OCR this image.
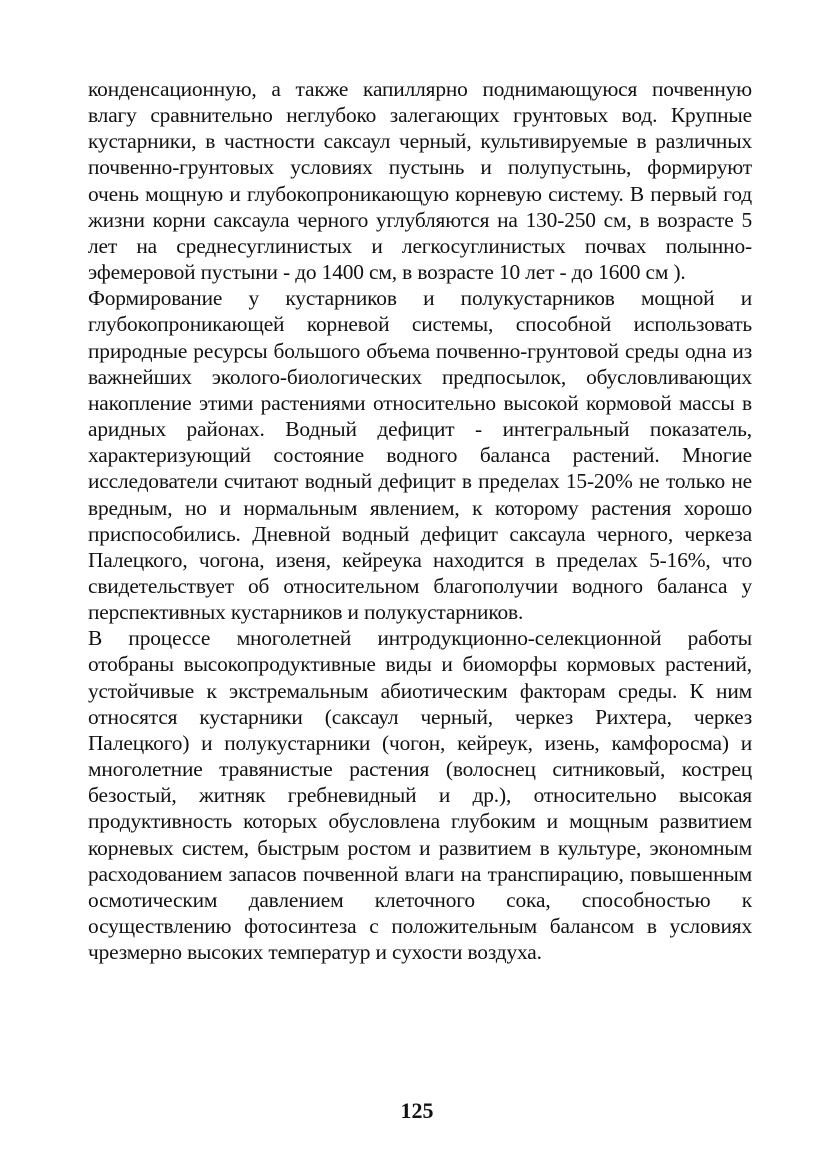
конденсационную, а также капиллярно поднимающуюся почвенную влагу сравнительно неглубоко залегающих грунтовых вод. Крупные кустарники, в частности саксаул черный, культивируемые в различных почвенно-грунтовых условиях пустынь и полупустынь, формируют очень мощную и глубокопроникающую корневую систему. В первый год жизни корни саксаула черного углубляются на 130-250 см, в возрасте 5 лет на среднесуглинистых и легкосуглинистых почвах полынно-эфемеровой пустыни - до 1400 см, в возрасте 10 лет - до 1600 см ).

Формирование у кустарников и полукустарников мощной и глубокопроникающей корневой системы, способной использовать природные ресурсы большого объема почвенно-грунтовой среды одна из важнейших эколого-биологических предпосылок, обусловливающих накопление этими растениями относительно высокой кормовой массы в аридных районах. Водный дефицит - интегральный показатель, характеризующий состояние водного баланса растений. Многие исследователи считают водный дефицит в пределах 15-20% не только не вредным, но и нормальным явлением, к которому растения хорошо приспособились. Дневной водный дефицит саксаула черного, черкеза Палецкого, чогона, изеня, кейреука находится в пределах 5-16%, что свидетельствует об относительном благополучии водного баланса у перспективных кустарников и полукустарников.

В процессе многолетней интродукционно-селекционной работы отобраны высокопродуктивные виды и биоморфы кормовых растений, устойчивые к экстремальным абиотическим факторам среды. К ним относятся кустарники (саксаул черный, черкез Рихтера, черкез Палецкого) и полукустарники (чогон, кейреук, изень, камфоросма) и многолетние травянистые растения (волоснец ситниковый, кострец безостый, житняк гребневидный и др.), относительно высокая продуктивность которых обусловлена глубоким и мощным развитием корневых систем, быстрым ростом и развитием в культуре, экономным расходованием запасов почвенной влаги на транспирацию, повышенным осмотическим давлением клеточного сока, способностью к осуществлению фотосинтеза с положительным балансом в условиях чрезмерно высоких температур и сухости воздуха.

125
